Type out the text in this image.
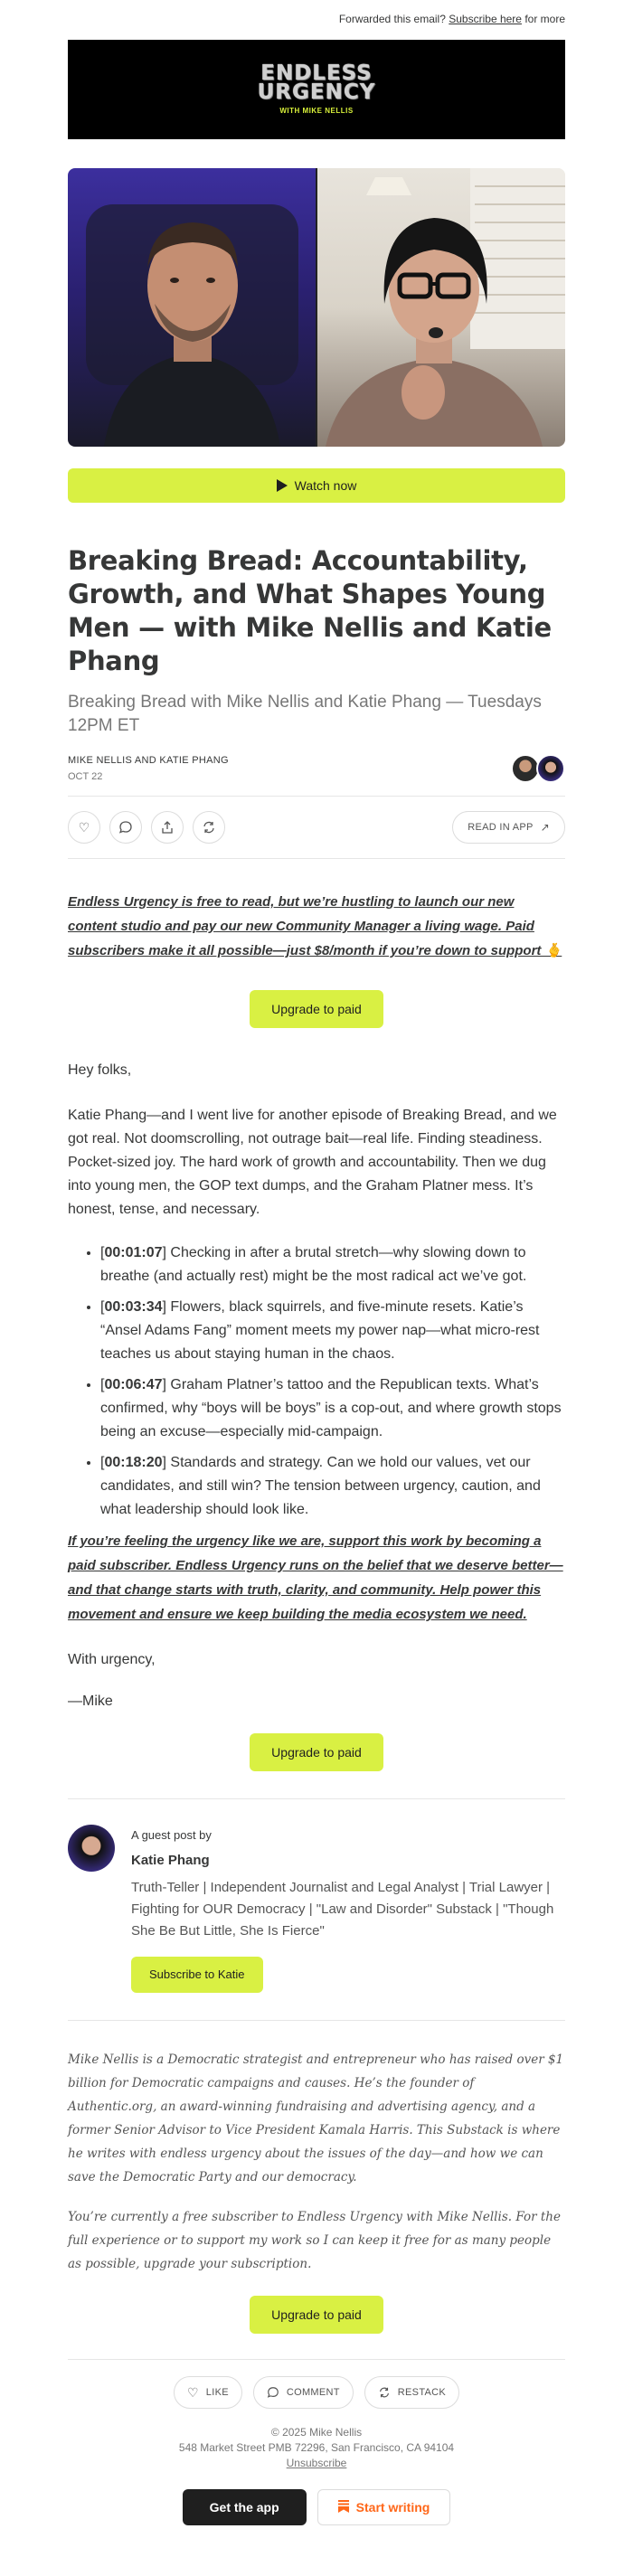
Forwarded this email? Subscribe here for more
ENDLESS
URGENCY
WITH MIKE NELLIS
Watch now
Breaking Bread: Accountability, Growth, and What Shapes Young Men — with Mike Nellis and Katie Phang
Breaking Bread with Mike Nellis and Katie Phang — Tuesdays 12PM ET
MIKE NELLIS AND KATIE PHANG
OCT 22
♡	READ IN APP ↗
Endless Urgency is free to read, but we’re hustling to launch our new content studio and pay our new Community Manager a living wage. Paid subscribers make it all possible—just $8/month if you’re down to support 🫰
Upgrade to paid

Hey folks,

Katie Phang—and I went live for another episode of Breaking Bread, and we got real. Not doomscrolling, not outrage bait—real life. Finding steadiness. Pocket-sized joy. The hard work of growth and accountability. Then we dug into young men, the GOP text dumps, and the Graham Platner mess. It’s honest, tense, and necessary.

• [00:01:07] Checking in after a brutal stretch—why slowing down to breathe (and actually rest) might be the most radical act we’ve got.
• [00:03:34] Flowers, black squirrels, and five-minute resets. Katie’s “Ansel Adams Fang” moment meets my power nap—what micro-rest teaches us about staying human in the chaos.
• [00:06:47] Graham Platner’s tattoo and the Republican texts. What’s confirmed, why “boys will be boys” is a cop-out, and where growth stops being an excuse—especially mid-campaign.
• [00:18:20] Standards and strategy. Can we hold our values, vet our candidates, and still win? The tension between urgency, caution, and what leadership should look like.
If you’re feeling the urgency like we are, support this work by becoming a paid subscriber. Endless Urgency runs on the belief that we deserve better—and that change starts with truth, clarity, and community. Help power this movement and ensure we keep building the media ecosystem we need.

With urgency,

—Mike

Upgrade to paid
A guest post by
Katie Phang
Truth-Teller | Independent Journalist and Legal Analyst | Trial Lawyer | Fighting for OUR Democracy | "Law and Disorder" Substack | "Though She Be But Little, She Is Fierce"
Subscribe to Katie

Mike Nellis is a Democratic strategist and entrepreneur who has raised over $1 billion for Democratic campaigns and causes. He’s the founder of Authentic.org, an award-winning fundraising and advertising agency, and a former Senior Advisor to Vice President Kamala Harris. This Substack is where he writes with endless urgency about the issues of the day—and how we can save the Democratic Party and our democracy.

You’re currently a free subscriber to Endless Urgency with Mike Nellis. For the full experience or to support my work so I can keep it free for as many people as possible, upgrade your subscription.

Upgrade to paid
♡ LIKE	COMMENT	RESTACK
© 2025 Mike Nellis
548 Market Street PMB 72296, San Francisco, CA 94104
Unsubscribe
Get the app	Start writing
